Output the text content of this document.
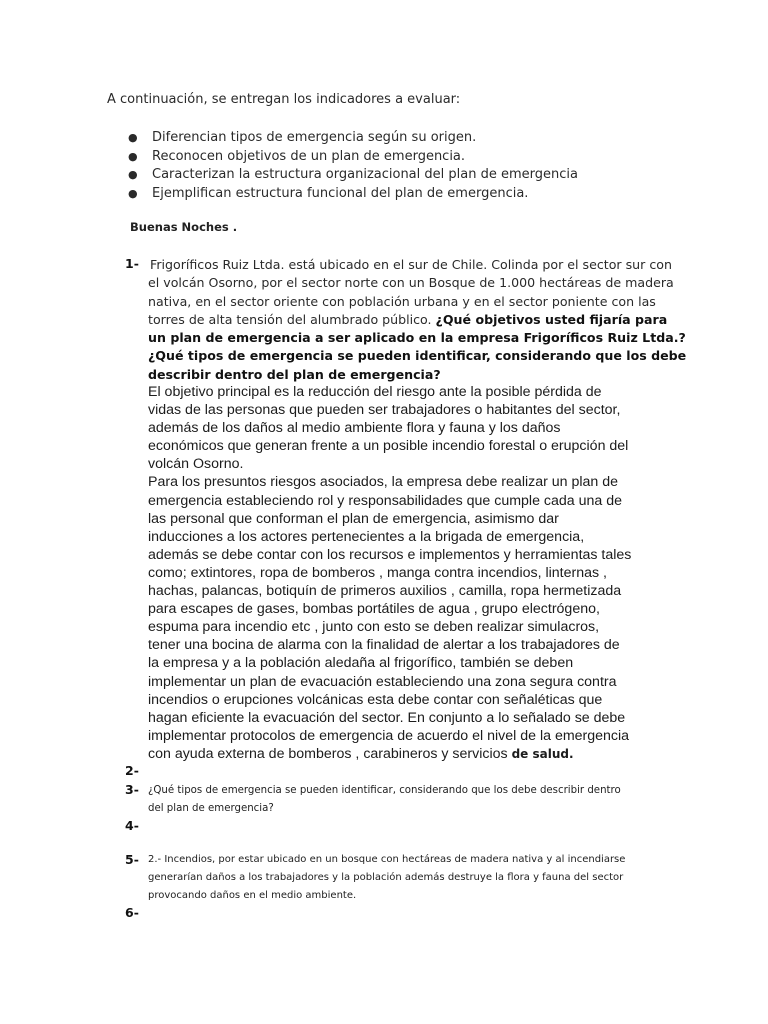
A continuación, se entregan los indicadores a evaluar:
● Diferencian tipos de emergencia según su origen.
● Reconocen objetivos de un plan de emergencia.
● Caracterizan la estructura organizacional del plan de emergencia
● Ejemplifican estructura funcional del plan de emergencia.
Buenas Noches .
1- Frigoríficos Ruiz Ltda. está ubicado en el sur de Chile. Colinda por el sector sur con
el volcán Osorno, por el sector norte con un Bosque de 1.000 hectáreas de madera
nativa, en el sector oriente con población urbana y en el sector poniente con las
torres de alta tensión del alumbrado público. ¿Qué objetivos usted fijaría para
un plan de emergencia a ser aplicado en la empresa Frigoríficos Ruiz Ltda.?
¿Qué tipos de emergencia se pueden identificar, considerando que los debe
describir dentro del plan de emergencia?

El objetivo principal es la reducción del riesgo ante la posible pérdida de
vidas de las personas que pueden ser trabajadores o habitantes del sector,
además de los daños al medio ambiente flora y fauna y los daños
económicos que generan frente a un posible incendio forestal o erupción del
volcán Osorno.

Para los presuntos riesgos asociados, la empresa debe realizar un plan de
emergencia estableciendo rol y responsabilidades que cumple cada una de
las personal que conforman el plan de emergencia, asimismo dar
inducciones a los actores pertenecientes a la brigada de emergencia,
además se debe contar con los recursos e implementos y herramientas tales
como; extintores, ropa de bomberos , manga contra incendios, linternas ,
hachas, palancas, botiquín de primeros auxilios , camilla, ropa hermetizada
para escapes de gases, bombas portátiles de agua , grupo electrógeno,
espuma para incendio etc , junto con esto se deben realizar simulacros,
tener una bocina de alarma con la finalidad de alertar a los trabajadores de
la empresa y a la población aledaña al frigorífico, también se deben
implementar un plan de evacuación estableciendo una zona segura contra
incendios o erupciones volcánicas esta debe contar con señaléticas que
hagan eficiente la evacuación del sector. En conjunto a lo señalado se debe
implementar protocolos de emergencia de acuerdo el nivel de la emergencia
con ayuda externa de bomberos , carabineros y servicios de salud.

2-
3- ¿Qué tipos de emergencia se pueden identificar, considerando que los debe describir dentro
del plan de emergencia?
4-
5- 2.- Incendios, por estar ubicado en un bosque con hectáreas de madera nativa y al incendiarse
generarían daños a los trabajadores y la población además destruye la flora y fauna del sector
provocando daños en el medio ambiente.
6-
